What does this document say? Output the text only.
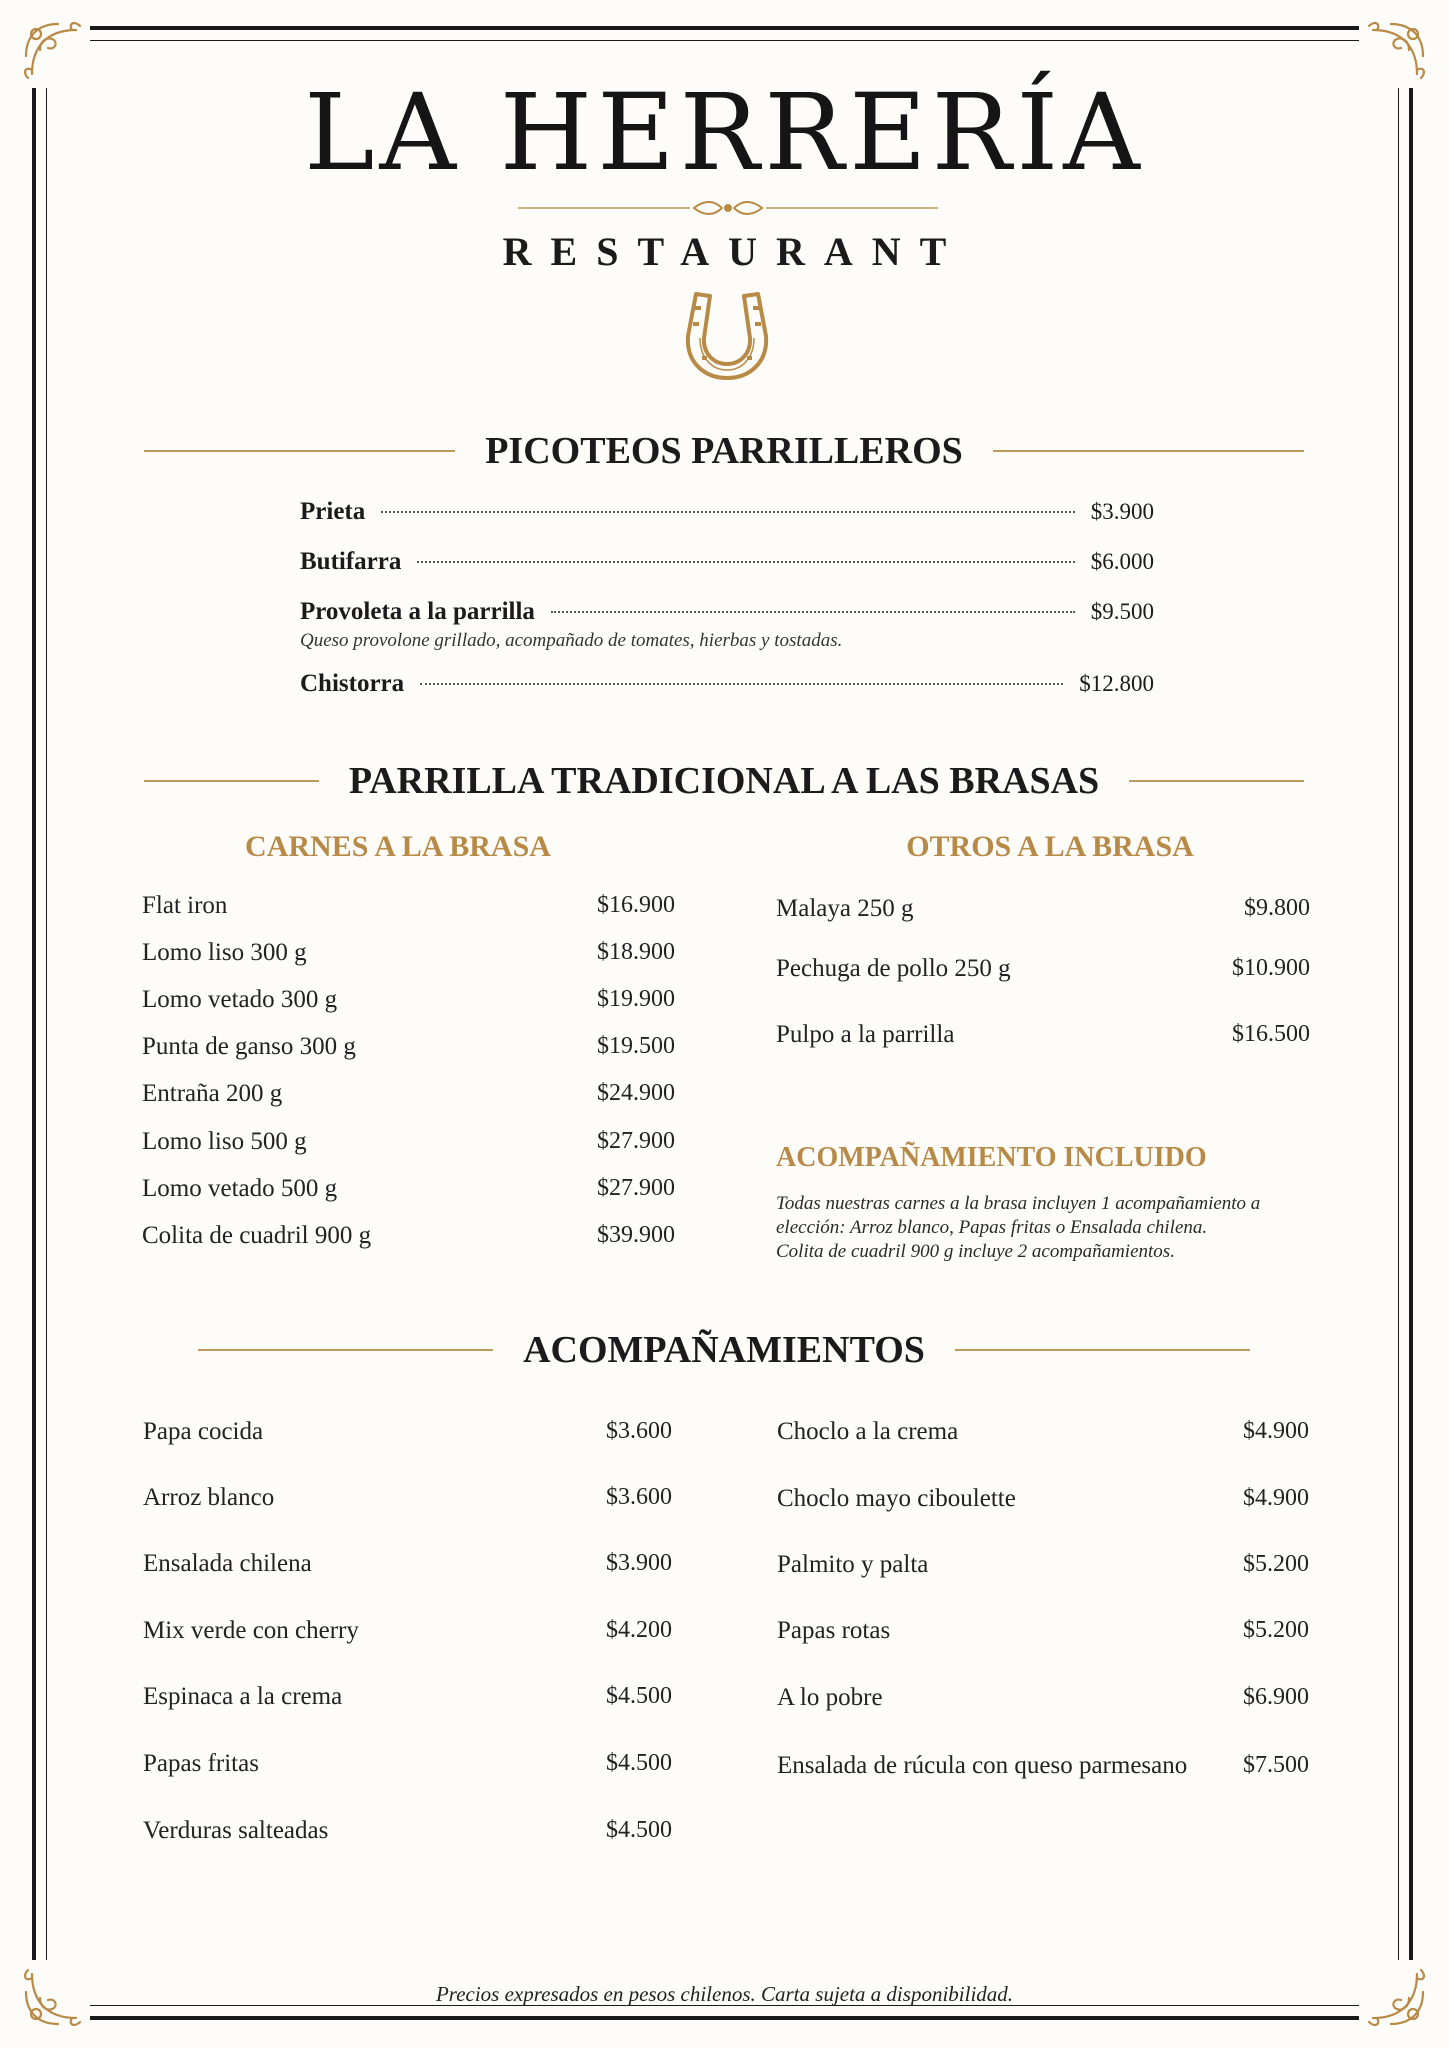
LA HERRERÍA
RESTAURANT
PICOTEOS PARRILLEROS
Prieta	$3.900
Butifarra	$6.000
Provoleta a la parrilla	$9.500
Queso provolone grillado, acompañado de tomates, hierbas y tostadas.
Chistorra	$12.800
PARRILLA TRADICIONAL A LAS BRASAS
CARNES A LA BRASA	OTROS A LA BRASA
Flat iron	$16.900
Lomo liso 300 g	$18.900
Lomo vetado 300 g	$19.900
Punta de ganso 300 g	$19.500
Entraña 200 g	$24.900
Lomo liso 500 g	$27.900
Lomo vetado 500 g	$27.900
Colita de cuadril 900 g	$39.900
Malaya 250 g	$9.800
Pechuga de pollo 250 g	$10.900
Pulpo a la parrilla	$16.500
ACOMPAÑAMIENTO INCLUIDO
Todas nuestras carnes a la brasa incluyen 1 acompañamiento a
elección: Arroz blanco, Papas fritas o Ensalada chilena.
Colita de cuadril 900 g incluye 2 acompañamientos.
ACOMPAÑAMIENTOS
Papa cocida	$3.600
Arroz blanco	$3.600
Ensalada chilena	$3.900
Mix verde con cherry	$4.200
Espinaca a la crema	$4.500
Papas fritas	$4.500
Verduras salteadas	$4.500
Choclo a la crema	$4.900
Choclo mayo ciboulette	$4.900
Palmito y palta	$5.200
Papas rotas	$5.200
A lo pobre	$6.900
Ensalada de rúcula con queso parmesano $7.500
Precios expresados en pesos chilenos. Carta sujeta a disponibilidad.
